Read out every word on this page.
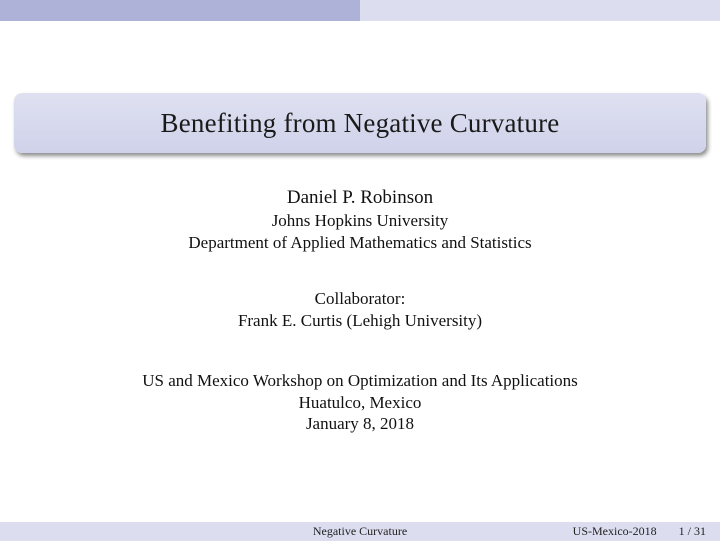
Benefiting from Negative Curvature
Daniel P. Robinson
Johns Hopkins University
Department of Applied Mathematics and Statistics
Collaborator:
Frank E. Curtis (Lehigh University)
US and Mexico Workshop on Optimization and Its Applications
Huatulco, Mexico
January 8, 2018
Negative Curvature	US-Mexico-2018 1 / 31
